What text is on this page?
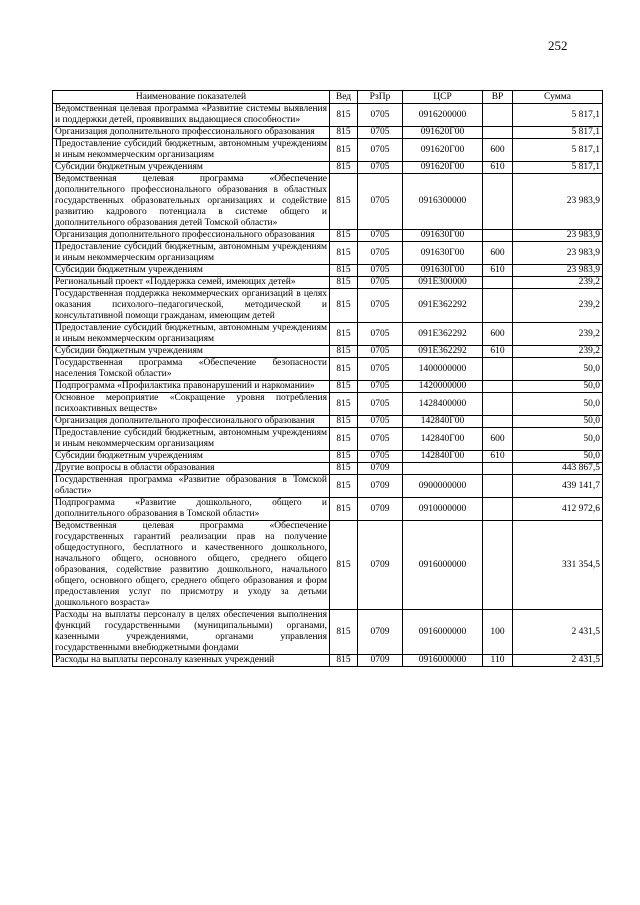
252
Наименование показателей	Вед	РзПр	ЦСР	ВР	Сумма
Ведомственная целевая программа «Развитие системы выявления и поддержки детей, проявивших выдающиеся способности»	815	0705	0916200000		5 817,1
Организация дополнительного профессионального образования	815	0705	091620Г00		5 817,1
Предоставление субсидий бюджетным, автономным учреждениям и иным некоммерческим организациям	815	0705	091620Г00	600	5 817,1
Субсидии бюджетным учреждениям	815	0705	091620Г00	610	5 817,1
Ведомственная целевая программа «Обеспечение дополнительного профессионального образования в областных государственных образовательных организациях и содействие развитию кадрового потенциала в системе общего и дополнительного образования детей Томской области»	815	0705	0916300000		23 983,9
Организация дополнительного профессионального образования	815	0705	091630Г00		23 983,9
Предоставление субсидий бюджетным, автономным учреждениям и иным некоммерческим организациям	815	0705	091630Г00	600	23 983,9
Субсидии бюджетным учреждениям	815	0705	091630Г00	610	23 983,9
Региональный проект «Поддержка семей, имеющих детей»	815	0705	091E300000		239,2
Государственная поддержка некоммерческих организаций в целях оказания психолого–педагогической, методической и консультативной помощи гражданам, имеющим детей	815	0705	091E362292		239,2
Предоставление субсидий бюджетным, автономным учреждениям и иным некоммерческим организациям	815	0705	091E362292	600	239,2
Субсидии бюджетным учреждениям	815	0705	091E362292	610	239,2
Государственная программа «Обеспечение безопасности населения Томской области»	815	0705	1400000000		50,0
Подпрограмма «Профилактика правонарушений и наркомании»	815	0705	1420000000		50,0
Основное мероприятие «Сокращение уровня потребления психоактивных веществ»	815	0705	1428400000		50,0
Организация дополнительного профессионального образования	815	0705	142840Г00		50,0
Предоставление субсидий бюджетным, автономным учреждениям и иным некоммерческим организациям	815	0705	142840Г00	600	50,0
Субсидии бюджетным учреждениям	815	0705	142840Г00	610	50,0
Другие вопросы в области образования	815	0709			443 867,5
Государственная программа «Развитие образования в Томской области»	815	0709	0900000000		439 141,7
Подпрограмма «Развитие дошкольного, общего и дополнительного образования в Томской области»	815	0709	0910000000		412 972,6
Ведомственная целевая программа «Обеспечение государственных гарантий реализации прав на получение общедоступного, бесплатного и качественного дошкольного, начального общего, основного общего, среднего общего образования, содействие развитию дошкольного, начального общего, основного общего, среднего общего образования и форм предоставления услуг по присмотру и уходу за детьми дошкольного возраста»	815	0709	0916000000		331 354,5
Расходы на выплаты персоналу в целях обеспечения выполнения функций государственными (муниципальными) органами, казенными учреждениями, органами управления государственными внебюджетными фондами	815	0709	0916000000	100	2 431,5
Расходы на выплаты персоналу казенных учреждений	815	0709	0916000000	110	2 431,5
